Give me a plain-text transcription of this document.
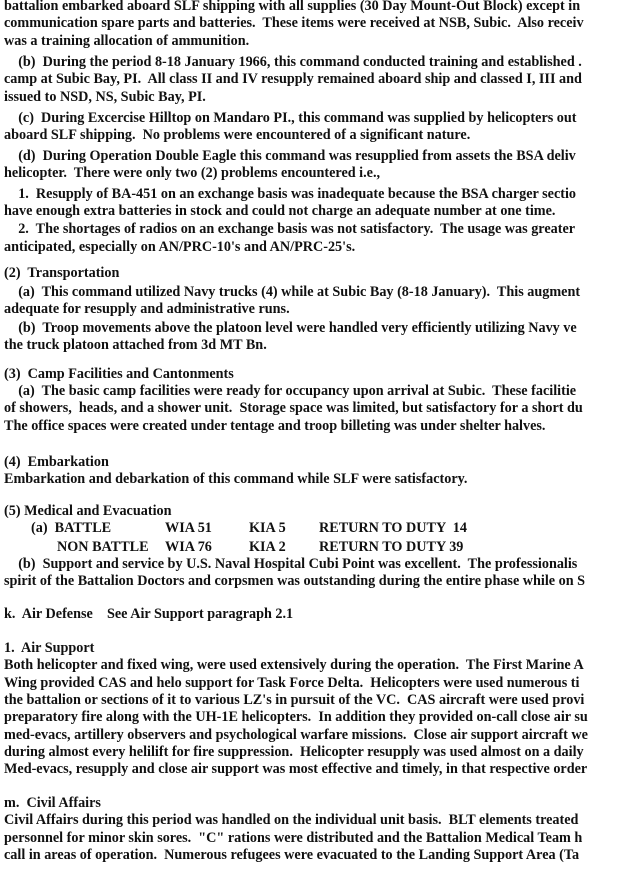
battalion embarked aboard SLF shipping with all supplies (30 Day Mount-Out Block) except in
communication spare parts and batteries.  These items were received at NSB, Subic.  Also receiv
was a training allocation of ammunition.
(b)  During the period 8-18 January 1966, this command conducted training and established .
camp at Subic Bay, PI.  All class II and IV resupply remained aboard ship and classed I, III and
issued to NSD, NS, Subic Bay, PI.
(c)  During Excercise Hilltop on Mandaro PI., this command was supplied by helicopters out
aboard SLF shipping.  No problems were encountered of a significant nature.
(d)  During Operation Double Eagle this command was resupplied from assets the BSA deliv
helicopter.  There were only two (2) problems encountered i.e.,
1.  Resupply of BA-451 on an exchange basis was inadequate because the BSA charger sectio
have enough extra batteries in stock and could not charge an adequate number at one time.
2.  The shortages of radios on an exchange basis was not satisfactory.  The usage was greater
anticipated, especially on AN/PRC-10's and AN/PRC-25's.
(2)  Transportation
(a)  This command utilized Navy trucks (4) while at Subic Bay (8-18 January).  This augment
adequate for resupply and administrative runs.
(b)  Troop movements above the platoon level were handled very efficiently utilizing Navy ve
the truck platoon attached from 3d MT Bn.
(3)  Camp Facilities and Cantonments
(a)  The basic camp facilities were ready for occupancy upon arrival at Subic.  These facilitie
of showers,  heads, and a shower unit.  Storage space was limited, but satisfactory for a short du
The office spaces were created under tentage and troop billeting was under shelter halves.
(4)  Embarkation
Embarkation and debarkation of this command while SLF were satisfactory.
(5) Medical and Evacuation
(a)  BATTLE	WIA 51	KIA 5 RETURN TO DUTY  14
NON BATTLE WIA 76	KIA 2 RETURN TO DUTY 39
(b)  Support and service by U.S. Naval Hospital Cubi Point was excellent.  The professionalis
spirit of the Battalion Doctors and corpsmen was outstanding during the entire phase while on S
k.  Air Defense    See Air Support paragraph 2.1
1.  Air Support
Both helicopter and fixed wing, were used extensively during the operation.  The First Marine A
Wing provided CAS and helo support for Task Force Delta.  Helicopters were used numerous ti
the battalion or sections of it to various LZ's in pursuit of the VC.  CAS aircraft were used provi
preparatory fire along with the UH-1E helicopters.  In addition they provided on-call close air su
med-evacs, artillery observers and psychological warfare missions.  Close air support aircraft we
during almost every helilift for fire suppression.  Helicopter resupply was used almost on a daily
Med-evacs, resupply and close air support was most effective and timely, in that respective order
m.  Civil Affairs
Civil Affairs during this period was handled on the individual unit basis.  BLT elements treated
personnel for minor skin sores.  "C" rations were distributed and the Battalion Medical Team h
call in areas of operation.  Numerous refugees were evacuated to the Landing Support Area (Ta
